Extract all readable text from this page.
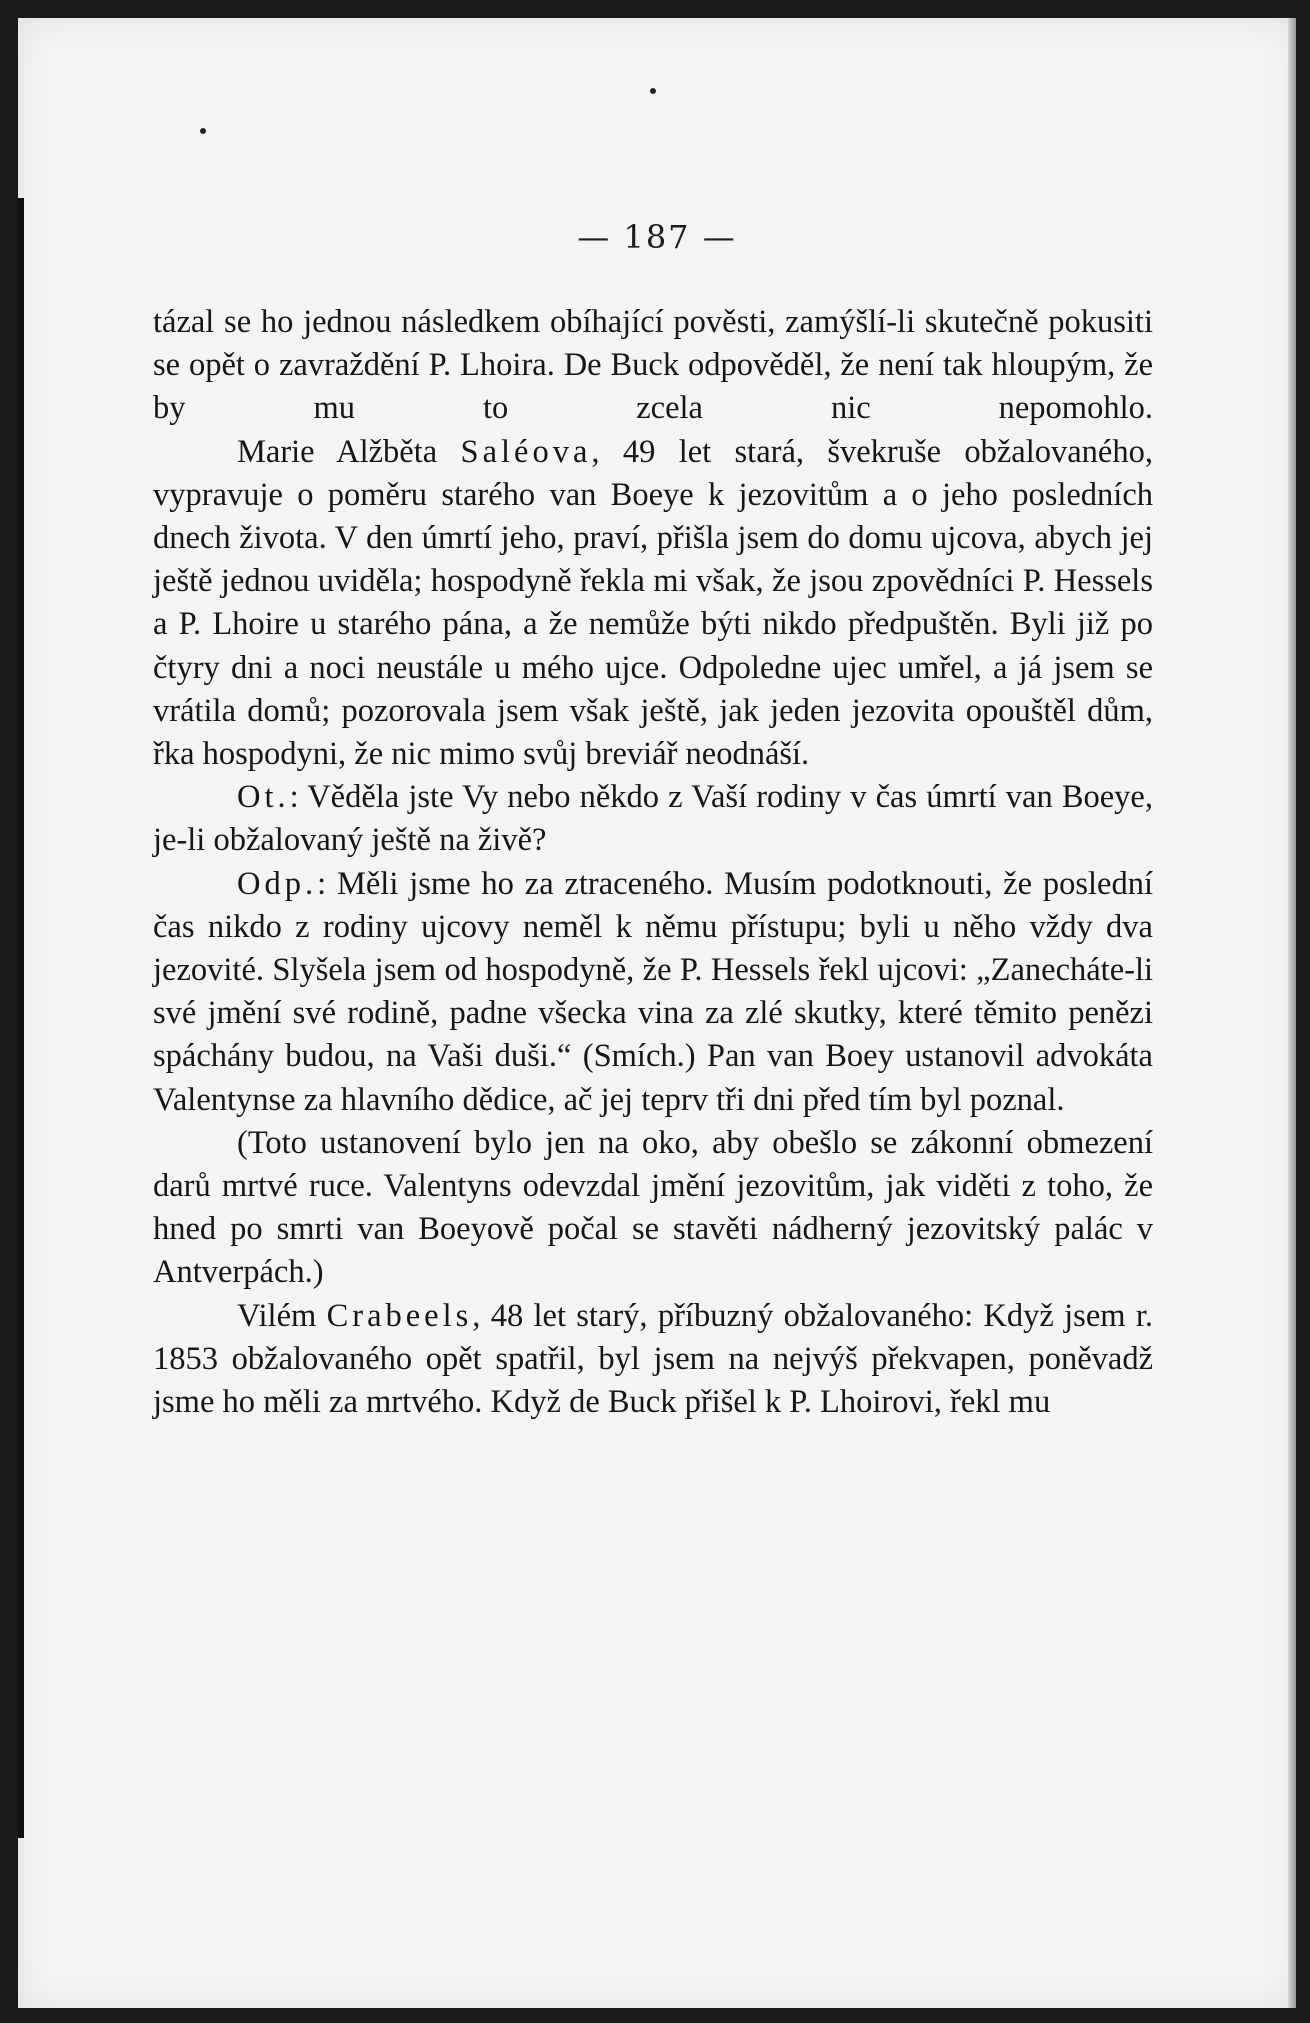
— 187 —

tázal se ho jednou následkem obíhající pověsti, zamýšlí-li skutečně pokusiti se opět o zavraždění P. Lhoira. De Buck odpověděl, že není tak hloupým, že by mu to zcela nic nepomohlo.

Marie Alžběta Saléova, 49 let stará, švekruše obžalovaného, vypravuje o poměru starého van Boeye k jezovitům a o jeho posledních dnech života. V den úmrtí jeho, praví, přišla jsem do domu ujcova, abych jej ještě jednou uviděla; hospodyně řekla mi však, že jsou zpovědníci P. Hessels a P. Lhoire u starého pána, a že nemůže býti nikdo předpuštěn. Byli již po čtyry dni a noci neustále u mého ujce. Odpoledne ujec umřel, a já jsem se vrátila domů; pozorovala jsem však ještě, jak jeden jezovita opouštěl dům, řka hospodyni, že nic mimo svůj breviář neodnáší.

Ot.: Věděla jste Vy nebo někdo z Vaší rodiny v čas úmrtí van Boeye, je-li obžalovaný ještě na živě?

Odp.: Měli jsme ho za ztraceného. Musím podotknouti, že poslední čas nikdo z rodiny ujcovy neměl k němu přístupu; byli u něho vždy dva jezovité. Slyšela jsem od hospodyně, že P. Hessels řekl ujcovi: „Zanecháte-li své jmění své rodině, padne všecka vina za zlé skutky, které těmito penězi spáchány budou, na Vaši duši.“ (Smích.) Pan van Boey ustanovil advokáta Valentynse za hlavního dědice, ač jej teprv tři dni před tím byl poznal.

(Toto ustanovení bylo jen na oko, aby obešlo se zákonní obmezení darů mrtvé ruce. Valentyns odevzdal jmění jezovitům, jak viděti z toho, že hned po smrti van Boeyově počal se stavěti nádherný jezovitský palác v Antverpách.)

Vilém Crabeels, 48 let starý, příbuzný obžalovaného: Když jsem r. 1853 obžalovaného opět spatřil, byl jsem na nejvýš překvapen, poněvadž jsme ho měli za mrtvého. Když de Buck přišel k P. Lhoirovi, řekl mu
